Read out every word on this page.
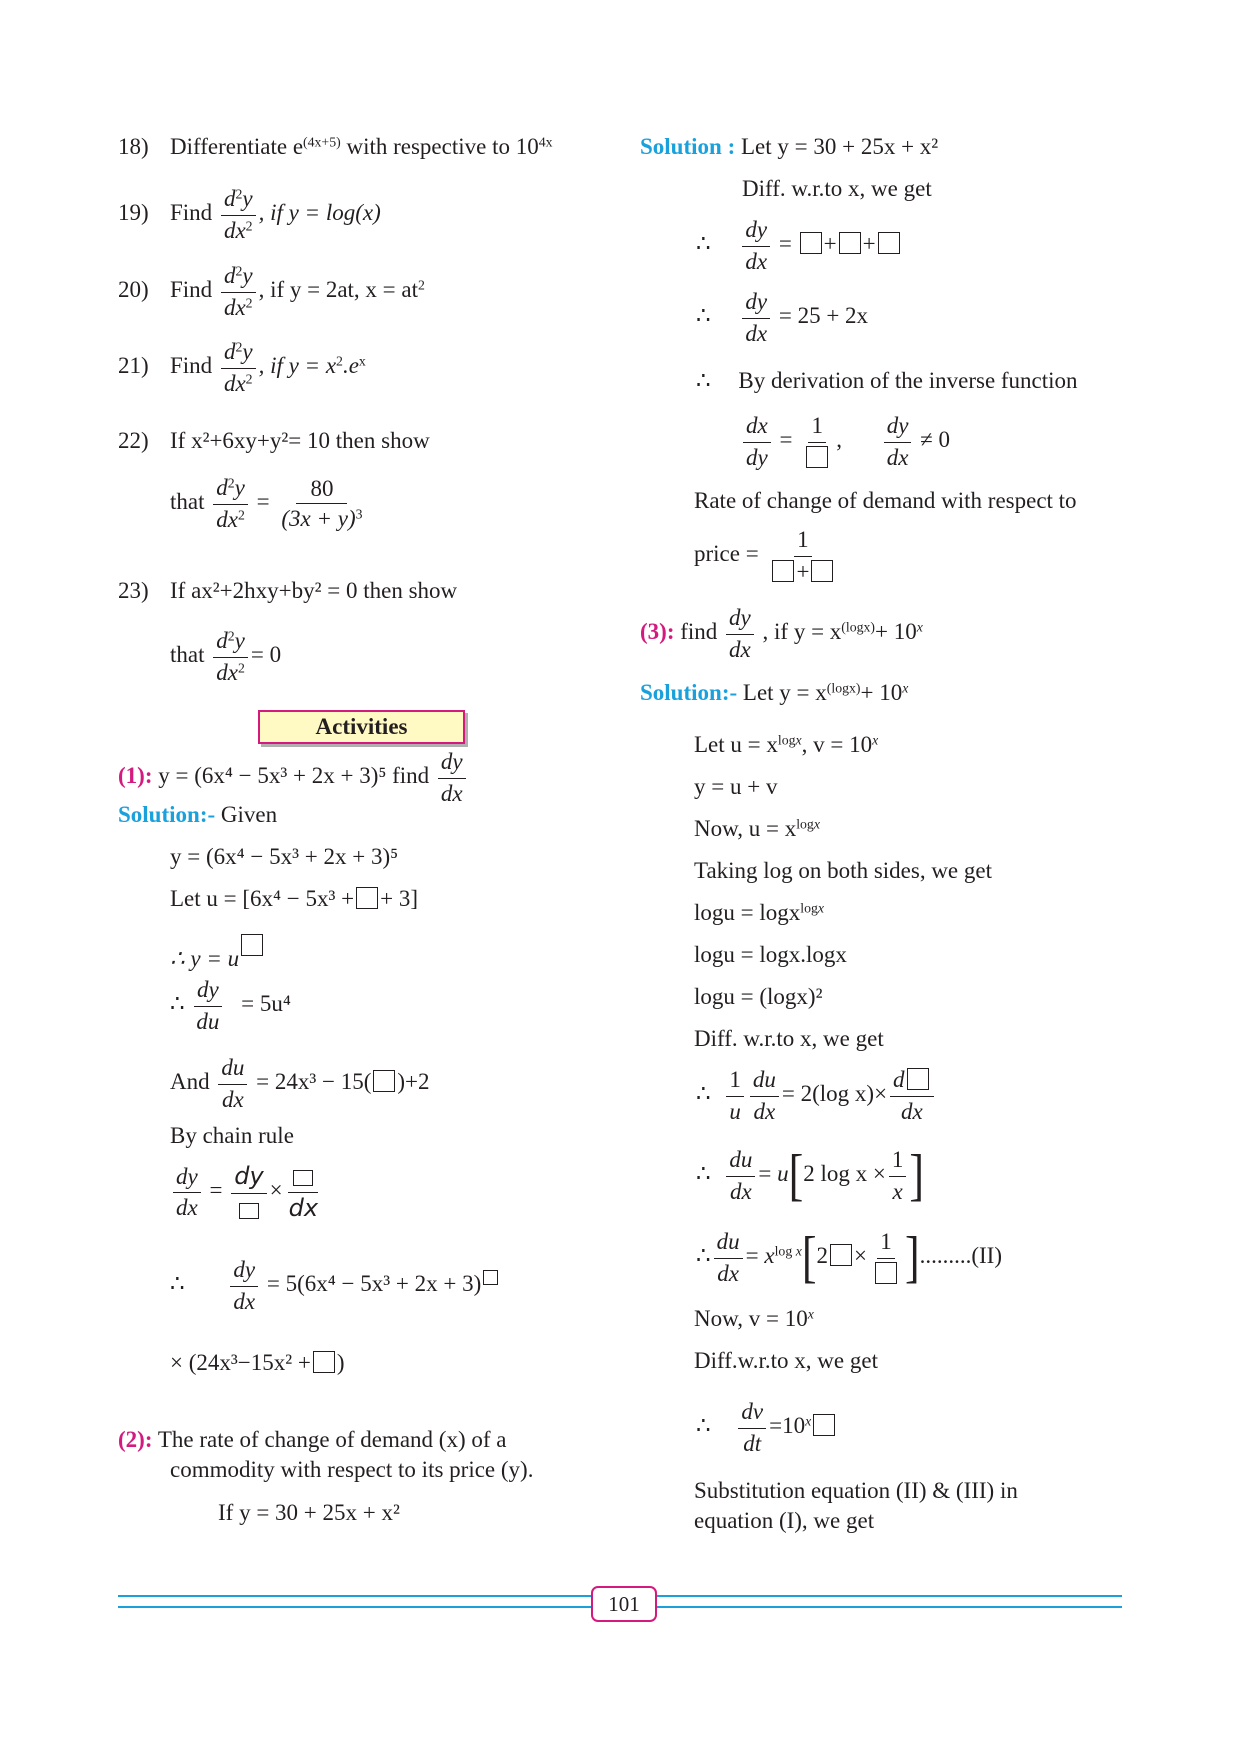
18) Differentiate $e^{(4x+5)}$ with respective to $10^{4x}$
19) Find $\frac{d^2y}{dx^2}$ , if y = log(x)
20) Find $\frac{d^2y}{dx^2}$ , if y = 2at, $x = at^2$
21) Find $\frac{d^2y}{dx^2}$ , if $y = x^2.e^x$
22) If x²+6xy+y²= 10 then show
that $\frac{d^2y}{dx^2} = \frac{80}{(3x + y)^3}$
23) If ax²+2hxy+by² = 0 then show
that $\frac{d^2y}{dx^2} = 0$
Activities
(1): y = (6x⁴ − 5x³ + 2x + 3)⁵ find $\frac{dy}{dx}$
Solution:- Given
y = (6x⁴ − 5x³ + 2x + 3)⁵
Let u = [6x⁴ − 5x³ + + 3]
∴ y = u
∴ $\frac{dy}{du} = 5u^4$
And $\frac{du}{dx} = 24x^3 - 15$( )+2
By chain rule
$\frac{dy}{dx}$ = dy ×
dx
∴ $\frac{dy}{dx} = 5(6x^4 - 5x^3 + 2x + 3)$
× (24x³−15x² + )
(2): The rate of change of demand (x) of a
commodity with respect to its price (y).
If y = 30 + 25x + x²
Solution : Let y = 30 + 25x + x²
Diff. w.r.to x, we get
∴ $\frac{dy}{dx}$ = + +
∴ $\frac{dy}{dx} = 25 + 2x$
∴ By derivation of the inverse function
$\frac{dx}{dy}$ =
1
, $\frac{dy}{dx} \ne 0$
Rate of change of demand with respect to
price = $\frac{1}{+}$
(3): find $\frac{dy}{dx}$ , if $y = x^{(logx)}+ 10^x$
Solution:- Let $y = x^{(logx)}+ 10^x$
Let $u = x^{logx}$, $v = 10^x$
y = u + v
Now, $u = x^{logx}$
Taking log on both sides, we get
logu = logx$^{logx}$
logu = logx.logx
logu = (logx)²
Diff. w.r.to x, we get
∴ $\frac{1}{u} \frac{du}{dx} = 2(\log$ $x)\times \frac{d}{dx}$
∴ $\frac{du}{dx} = u[2$ $\log x \times \frac{1}{x}$ ]
∴ $\frac{du}{dx} = x^{log x}[2$ ×
1 ].........(II)
Now, $v = 10^x$
Diff.w.r.to x, we get
∴ $\frac{dv}{dt} =10^x$
Substitution equation (II) & (III) in
equation (I), we get
101
